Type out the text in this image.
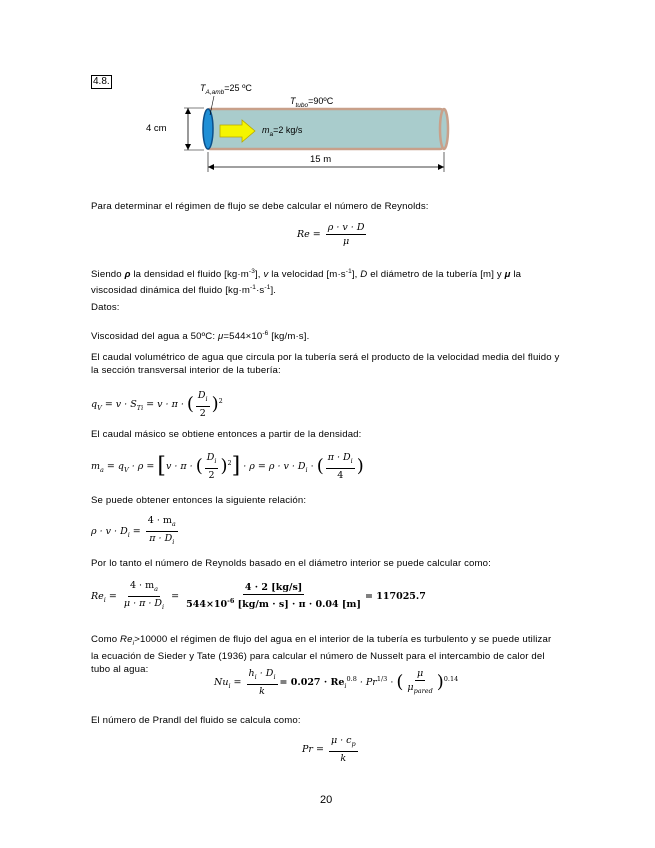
4.8.
$T_{A,amb}=25$ ºC
$T_{tubo}=90ºC$
4 cm	$m_a=2$ kg/s
15 m
Para determinar el régimen de flujo se debe calcular el número de Reynolds:
$Re = \frac{\rho \cdot v \cdot D}{\mu}$
Siendo ρ la densidad el fluido $[kg\cdot m^{-3}]$, v la velocidad $[m\cdot s^{-1}]$, D el diámetro de la tubería [m] y μ la viscosidad dinámica del fluido $[kg\cdot m^{-1}\cdot s^{-1}]$.
Datos:
Viscosidad del agua a 50ºC: $\mu=544\times 10^{-6}$ [kg/m·s].
El caudal volumétrico de agua que circula por la tubería será el producto de la velocidad media del fluido y la sección transversal interior de la tubería:
$q_V = v \cdot S_{Ti} = v \cdot \pi$ · ( $\frac{D_i}{2} )^2$
El caudal másico se obtiene entonces a partir de la densidad:
$m_a = q_V \cdot \rho = [v \cdot \pi$ · ( $\frac{D_i}{2} )^2] \cdot \rho = \rho \cdot v \cdot D_i$ · ( $\frac{\pi \cdot D_i}{4}$ )
Se puede obtener entonces la siguiente relación:
$\rho \cdot v \cdot D_i = \frac{4 \cdot m_a}{\pi \cdot D_i}$
Por lo tanto el número de Reynolds basado en el diámetro interior se puede calcular como:
$Re_i = \frac{4 \cdot m_a}{\mu \cdot \pi \cdot D_i} = \frac{4 \cdot 2 [kg/s]}{544\times 10^{-6} [kg/m \cdot s] \cdot \pi \cdot 0.04 [m]} = 117025.7$
Como $Re_i>10000$ el régimen de flujo del agua en el interior de la tubería es turbulento y se puede utilizar la ecuación de Sieder y Tate (1936) para calcular el número de Nusselt para el intercambio de calor del tubo al agua:
$Nu_i = \frac{h_i \cdot D_i}{k} = 0.027 \cdot Re_i^{0.8} \cdot Pr^{1/3}$ · ( $\frac{\mu}{\mu_{pared}} )^{0.14}$
El número de Prandl del fluido se calcula como:
$Pr = \frac{\mu \cdot c_p}{k}$
20
